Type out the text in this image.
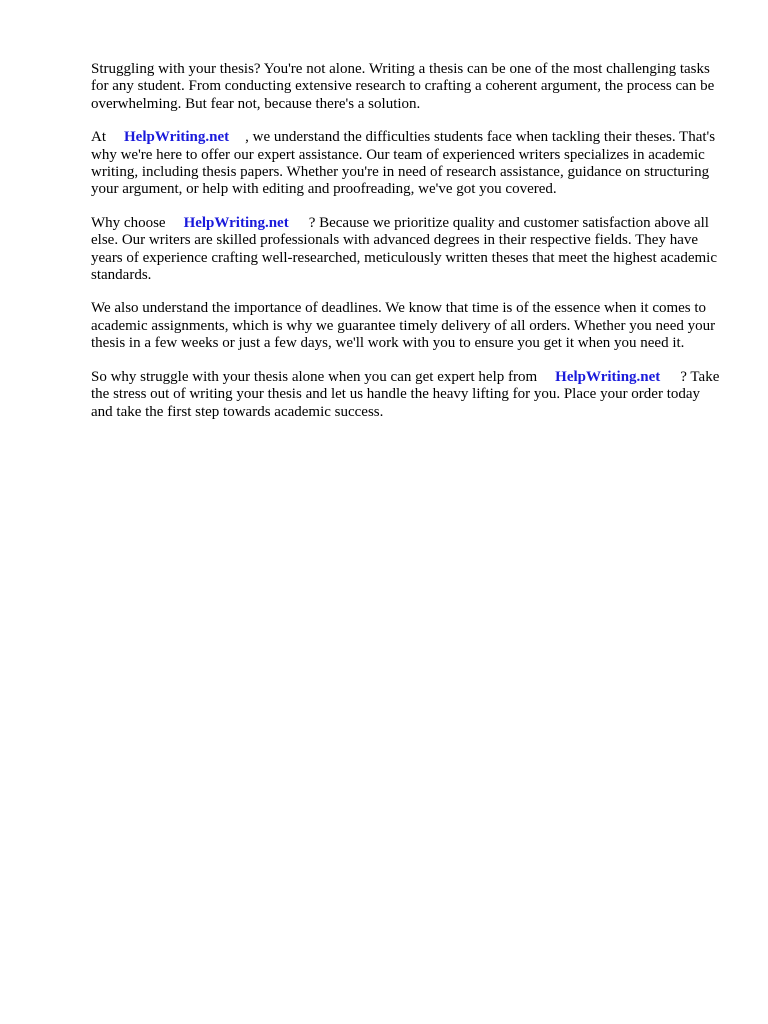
Struggling with your thesis? You're not alone. Writing a thesis can be one of the most challenging tasks for any student. From conducting extensive research to crafting a coherent argument, the process can be overwhelming. But fear not, because there's a solution.

At HelpWriting.net , we understand the difficulties students face when tackling their theses. That's why we're here to offer our expert assistance. Our team of experienced writers specializes in academic writing, including thesis papers. Whether you're in need of research assistance, guidance on structuring your argument, or help with editing and proofreading, we've got you covered.

Why choose HelpWriting.net ? Because we prioritize quality and customer satisfaction above all else. Our writers are skilled professionals with advanced degrees in their respective fields. They have years of experience crafting well-researched, meticulously written theses that meet the highest academic standards.

We also understand the importance of deadlines. We know that time is of the essence when it comes to academic assignments, which is why we guarantee timely delivery of all orders. Whether you need your thesis in a few weeks or just a few days, we'll work with you to ensure you get it when you need it.

So why struggle with your thesis alone when you can get expert help from HelpWriting.net ? Take the stress out of writing your thesis and let us handle the heavy lifting for you. Place your order today and take the first step towards academic success.
